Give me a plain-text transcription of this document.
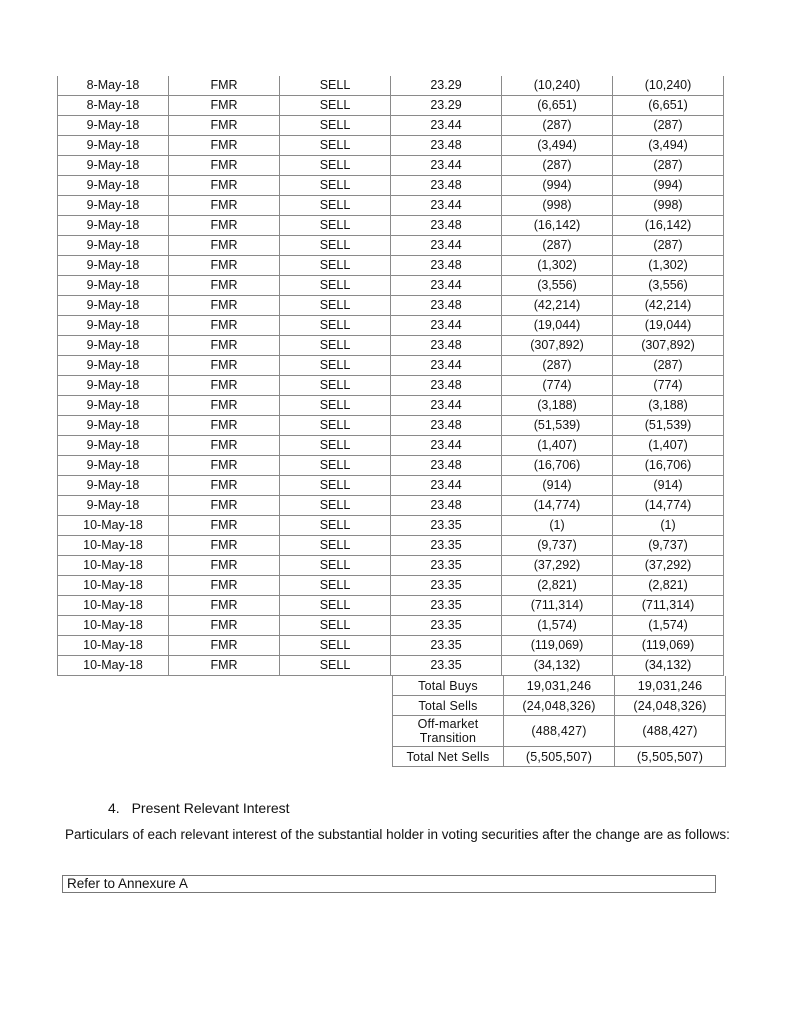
8-May-18	FMR	SELL	23.29	(10,240)	(10,240)
8-May-18	FMR	SELL	23.29	(6,651)	(6,651)
9-May-18	FMR	SELL	23.44	(287)	(287)
9-May-18	FMR	SELL	23.48	(3,494)	(3,494)
9-May-18	FMR	SELL	23.44	(287)	(287)
9-May-18	FMR	SELL	23.48	(994)	(994)
9-May-18	FMR	SELL	23.44	(998)	(998)
9-May-18	FMR	SELL	23.48	(16,142)	(16,142)
9-May-18	FMR	SELL	23.44	(287)	(287)
9-May-18	FMR	SELL	23.48	(1,302)	(1,302)
9-May-18	FMR	SELL	23.44	(3,556)	(3,556)
9-May-18	FMR	SELL	23.48	(42,214)	(42,214)
9-May-18	FMR	SELL	23.44	(19,044)	(19,044)
9-May-18	FMR	SELL	23.48	(307,892)	(307,892)
9-May-18	FMR	SELL	23.44	(287)	(287)
9-May-18	FMR	SELL	23.48	(774)	(774)
9-May-18	FMR	SELL	23.44	(3,188)	(3,188)
9-May-18	FMR	SELL	23.48	(51,539)	(51,539)
9-May-18	FMR	SELL	23.44	(1,407)	(1,407)
9-May-18	FMR	SELL	23.48	(16,706)	(16,706)
9-May-18	FMR	SELL	23.44	(914)	(914)
9-May-18	FMR	SELL	23.48	(14,774)	(14,774)
10-May-18	FMR	SELL	23.35	(1)	(1)
10-May-18	FMR	SELL	23.35	(9,737)	(9,737)
10-May-18	FMR	SELL	23.35	(37,292)	(37,292)
10-May-18	FMR	SELL	23.35	(2,821)	(2,821)
10-May-18	FMR	SELL	23.35	(711,314)	(711,314)
10-May-18	FMR	SELL	23.35	(1,574)	(1,574)
10-May-18	FMR	SELL	23.35	(119,069)	(119,069)
10-May-18	FMR	SELL	23.35	(34,132)	(34,132)
Total Buys	19,031,246	19,031,246
Total Sells	(24,048,326)	(24,048,326)
Off-market Transition	(488,427)	(488,427)
Total Net Sells	(5,505,507)	(5,505,507)
4. Present Relevant Interest
Particulars of each relevant interest of the substantial holder in voting securities after the change are as follows:
Refer to Annexure A
